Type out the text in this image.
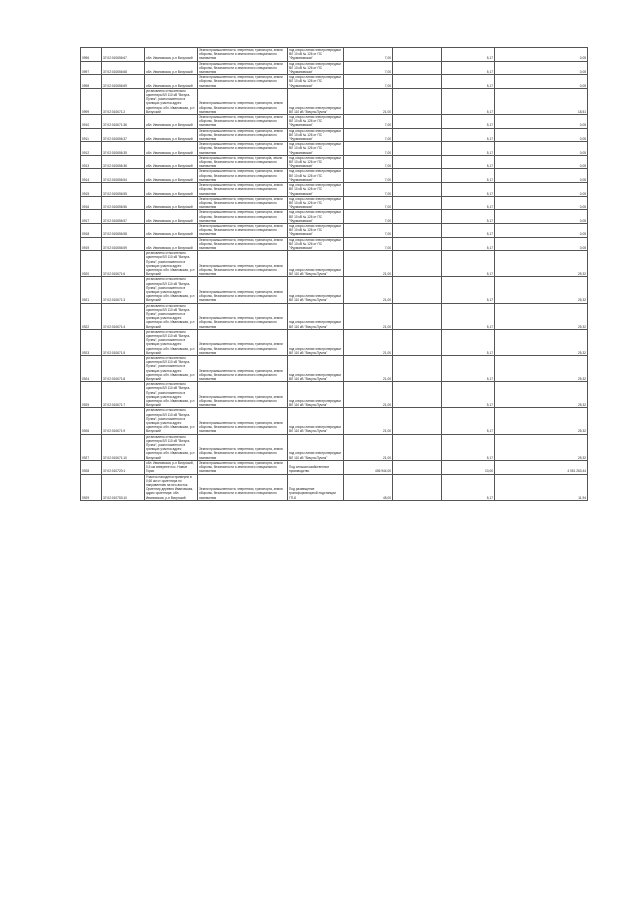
0996	37:02:010656:67	обл. Ивановская, р-н Вичугский	Земли промышленности, энергетики, транспорта, земли обороны, безопасности и земли иного специального назначения	под опоры линии электропередачи ВЛ 10 кВ № 126 от ПС "Фурмановская"	7,00		5,17	0,05
0997	37:02:010656:68	обл. Ивановская, р-н Вичугский	Земли промышленности, энергетики, транспорта, земли обороны, безопасности и земли иного специального назначения	под опоры линии электропередачи ВЛ 10 кВ № 126 от ПС "Фурмановская"	7,00		5,17	0,05
0998	37:02:010656:69	обл. Ивановская, р-н Вичугский	Земли промышленности, энергетики, транспорта, земли обороны, безопасности и земли иного специального назначения	под опоры линии электропередачи ВЛ 10 кВ № 126 от ПС "Фурмановская"	7,00		5,17	0,05
0999	37:02:010671:2	установлено относительно ориентира ВЛ 110 кВ "Вичуга-Пучеж", расположенного в границах участка адрес ориентира: обл. Ивановская, р-н Вичугский	Земли промышленности, энергетики, транспорта, земли обороны, безопасности и земли иного специального назначения	под опоры линии электропередачи ВЛ 110 кВ "Вичуга-Пучеж"	21,00		5,17	18,51
0910	37:02:010671:36	обл. Ивановская, р-н Вичугский	Земли промышленности, энергетики, транспорта, земли обороны, безопасности и земли иного специального назначения	под опоры линии электропередачи ВЛ 10 кВ № 126 от ПС "Фурмановская"	7,00		5,17	0,05
0911	37:02:010656:37	обл. Ивановская, р-н Вичугский	Земли промышленности, энергетики, транспорта, земли обороны, безопасности и земли иного специального назначения	под опоры линии электропередачи ВЛ 10 кВ № 126 от ПС "Фурмановская"	7,00		5,17	0,05
0912	37:02:010656:35	обл. Ивановская, р-н Вичугский	Земли промышленности, энергетики, транспорта, земли обороны, безопасности и земли иного специального назначения	под опоры линии электропередачи ВЛ 10 кВ № 126 от ПС "Фурмановская"	7,00		5,17	0,05
0913	37:02:010656:36	обл. Ивановская, р-н Вичугский	Земли промышленности, энергетики, транспорta, земли обороны, безопасности и земли иного специального назначения	под опоры линии электропередачи ВЛ 10 кВ № 126 от ПС "Фурмановская"	7,00		5,17	0,05
0914	37:02:010656:54	обл. Ивановская, р-н Вичугский	Земли промышленности, энергетики, транспорта, земли обороны, безопасности и земли иного специального назначения	под опоры линии электропередачи ВЛ 10 кВ № 126 от ПС "Фурмановская"	7,00		5,17	0,05
0915	37:02:010656:55	обл. Ивановская, р-н Вичугский	Земли промышленности, энергетики, транспорта, земли обороны, безопасности и земли иного специального назначения	под опоры линии электропередачи ВЛ 10 кВ № 126 от ПС "Фурмановская"	7,00		5,17	0,05
0916	37:02:010656:56	обл. Ивановская, р-н Вичугский	Земли промышленности, энергетики, транспорта, земли обороны, безопасности и земли иного специального назначения	под опоры линии электропередачи ВЛ 10 кВ № 126 от ПС "Фурмановская"	7,00		5,17	0,05
0917	37:02:010656:57	обл. Ивановская, р-н Вичугский	Земли промышленности, энергетики, транспорта, земли обороны, безопасности и земли иного специального назначения	под опоры линии электропередачи ВЛ 10 кВ № 126 от ПС "Фурмановская"	7,00		5,17	0,05
0918	37:02:010656:58	обл. Ивановская, р-н Вичугский	Земли промышленности, энергетики, транспорта, земли обороны, безопасности и земли иного специального назначения	под опоры линии электропередачи ВЛ 10 кВ № 126 от ПС "Фурмановская"	7,00		5,17	0,05
0919	37:02:010656:59	обл. Ивановская, р-н Вичугский	Земли промышленности, энергетики, транспорта, земли обороны, безопасности и земли иного специального назначения	под опоры линии электропередачи ВЛ 10 кВ № 126 от ПС "Фурмановская"	7,00		5,17	0,05
0920	37:02:010671:6	установлено относительно ориентира ВЛ 110 кВ "Вичуга-Пучеж", расположенного в границах участка адрес ориентира: обл. Ивановская, р-н Вичугский	Земли промышленности, энергетики, транспорта, земли обороны, безопасности и земли иного специального назначения	под опоры линии электропередачи ВЛ 110 кВ "Вичуга-Пучеж"	21,00		5,17	25,32
0921	37:02:010671:3	установлено относительно ориентира ВЛ 110 кВ "Вичуга-Пучеж", расположенного в границах участка адрес ориентира: обл. Ивановская, р-н Вичугский	Земли промышленности, энергетики, транспорта, земли обороны, безопасности и земли иного специального назначения	под опоры линии электропередачи ВЛ 110 кВ "Вичуга-Пучеж"	21,00		5,17	25,32
0922	37:02:010671:4	установлено относительно ориентира ВЛ 110 кВ "Вичуга-Пучеж", расположенного в границах участка адрес ориентира: обл. Ивановская, р-н Вичугский	Земли промышленности, энергетики, транспорта, земли обороны, безопасности и земли иного специального назначения	под опоры линии электропередачи ВЛ 110 кВ "Вичуга-Пучеж"	21,00		5,17	25,32
0923	37:02:010671:5	установлено относительно ориентира ВЛ 110 кВ "Вичуга-Пучеж", расположенного в границах участка адрес ориентира: обл. Ивановская, р-н Вичугский	Земли промышленности, энергетики, транспорта, земли обороны, безопасности и земли иного специального назначения	под опоры линии электропередачи ВЛ 110 кВ "Вичуга-Пучеж"	21,00		5,17	25,32
0924	37:02:010671:8	установлено относительно ориентира ВЛ 110 кВ "Вичуга-Пучеж", расположенного в границах участка адрес ориентира: обл. Ивановская, р-н Вичугский	Земли промышленности, энергетики, транспорта, земли обороны, безопасности и земли иного специального назначения	под опоры линии электропередачи ВЛ 110 кВ "Вичуга-Пучеж"	21,00		5,17	25,32
0925	37:02:010671:7	установлено относительно ориентира ВЛ 110 кВ "Вичуга-Пучеж", расположенного в границах участка адрес ориентира: обл. Ивановская, р-н Вичугский	Земли промышленности, энергетики, транспорта, земли обороны, безопасности и земли иного специального назначения	под опоры линии электропередачи ВЛ 110 кВ "Вичуга-Пучеж"	21,00		5,17	25,32
0926	37:02:010671:9	установлено относительно ориентира ВЛ 110 кВ "Вичуга-Пучеж", расположенного в границах участка адрес ориентира: обл. Ивановская, р-н Вичугский	Земли промышленности, энергетики, транспорта, земли обороны, безопасности и земли иного специального назначения	под опоры линии электропередачи ВЛ 110 кВ "Вичуга-Пучеж"	21,00		5,17	25,32
0927	37:02:010671:10	установлено относительно ориентира ВЛ 110 кВ "Вичуга-Пучеж", расположенного в границах участка адрес ориентира: обл. Ивановская, р-н Вичугский	Земли промышленности, энергетики, транспорта, земли обороны, безопасности и земли иного специального назначения	под опоры линии электропередачи ВЛ 110 кВ "Вичуга-Пучеж"	21,00		5,17	25,32
0928	37:02:010720:1	обл. Ивановская, р-н Вичугский, 0,5 км севернее пос. Новые Горки	Земли промышленности, энергетики, транспорта, земли обороны, безопасности и земли иного специального назначения	Под сельскохозяйственное производство	406 944,00		10,00	4 051 263,44
0929	37:02:010753:10	Участок находится примерно в 0,60 км от ориентира по направлению на юго-восток. Ориентир деревня Ивановская, адрес ориентира: обл. Ивановская, р-н Вичугский	Земли промышленности, энергетики, транспорта, земли обороны, безопасности и земли иного специального назначения	Под размещение трансформаторной подстанции ГП-8	45,00		5,17	11,94
